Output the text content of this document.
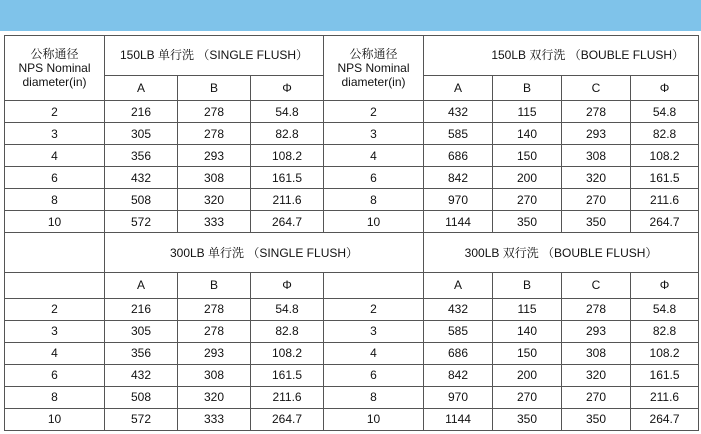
公称通径
NPS Nominal
diameter(in)	150LB 单行洗 （SINGLE FLUSH）			公称通径
NPS Nominal
diameter(in)	150LB 双行洗 （BOUBLE FLUSH）			
	A	B	Φ		A	B	C	Φ
2	216	278	54.8	2	432	115	278	54.8
3	305	278	82.8	3	585	140	293	82.8
4	356	293	108.2	4	686	150	308	108.2
6	432	308	161.5	6	842	200	320	161.5
8	508	320	211.6	8	970	270	270	211.6
10	572	333	264.7	10	1144	350	350	264.7
	300LB 单行洗 （SINGLE FLUSH）				300LB 双行洗 （BOUBLE FLUSH）			
	A	B	Φ		A	B	C	Φ
2	216	278	54.8	2	432	115	278	54.8
3	305	278	82.8	3	585	140	293	82.8
4	356	293	108.2	4	686	150	308	108.2
6	432	308	161.5	6	842	200	320	161.5
8	508	320	211.6	8	970	270	270	211.6
10	572	333	264.7	10	1144	350	350	264.7
